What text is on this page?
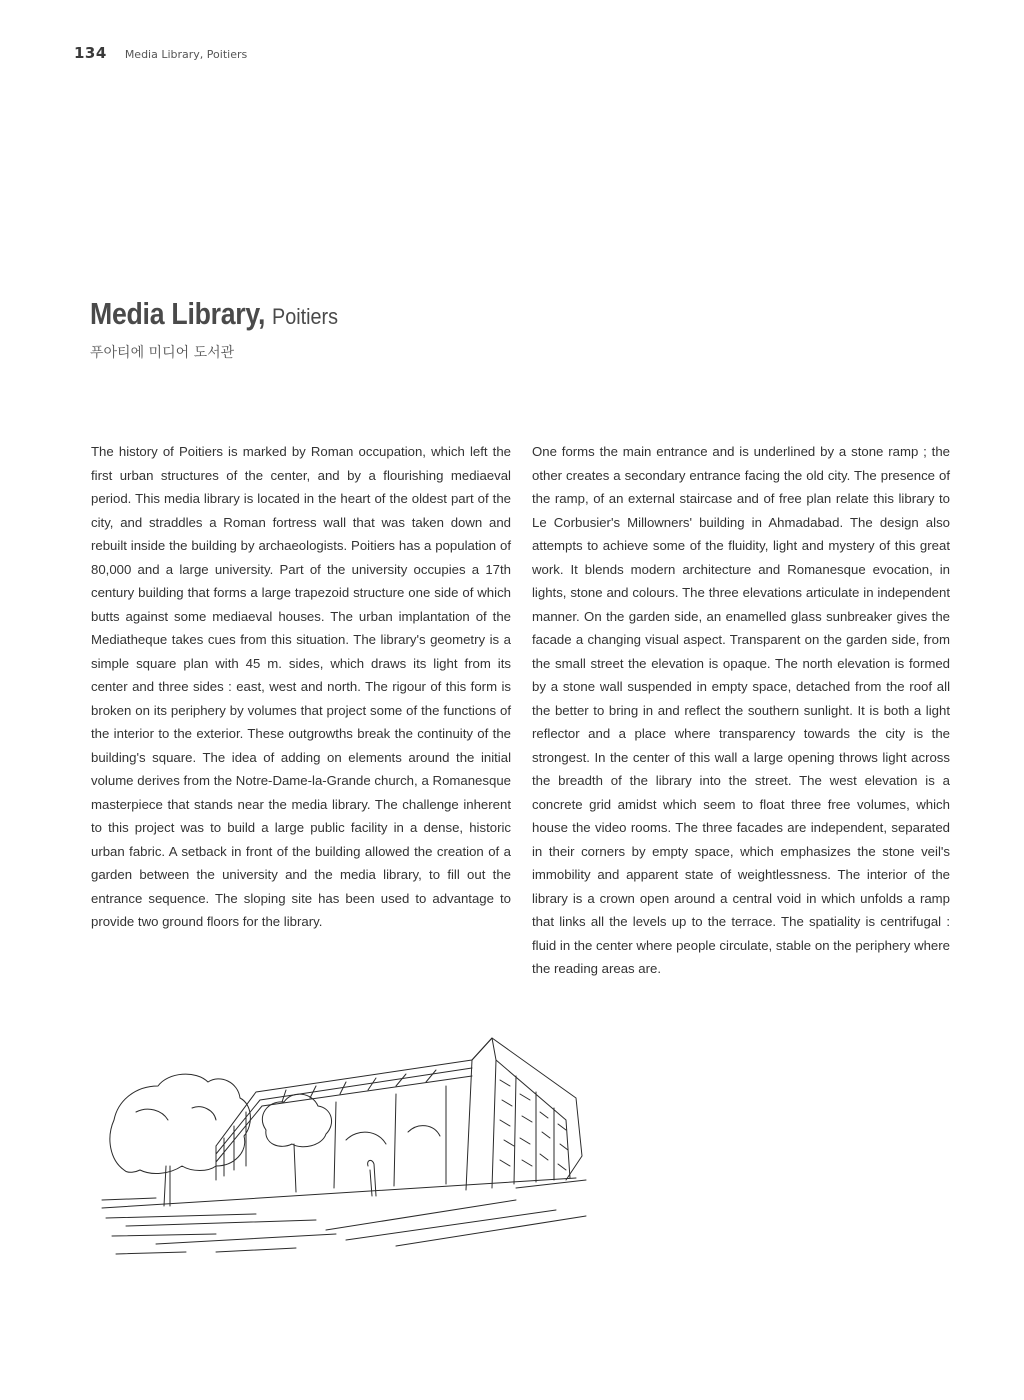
134 Media Library, Poitiers
Media Library, Poitiers
푸아티에 미디어 도서관

The history of Poitiers is marked by Roman occupation, which left the first urban structures of the center, and by a flourishing mediaeval period. This media library is located in the heart of the oldest part of the city, and straddles a Roman fortress wall that was taken down and rebuilt inside the building by archaeologists. Poitiers has a population of 80,000 and a large university. Part of the university occupies a 17th century building that forms a large trapezoid structure one side of which butts against some mediaeval houses. The urban implantation of the Mediatheque takes cues from this situation. The library's geometry is a simple square plan with 45 m. sides, which draws its light from its center and three sides : east, west and north. The rigour of this form is broken on its periphery by volumes that project some of the functions of the interior to the exterior. These outgrowths break the continuity of the building's square. The idea of adding on elements around the initial volume derives from the Notre-Dame-la-Grande church, a Romanesque masterpiece that stands near the media library. The challenge inherent to this project was to build a large public facility in a dense, historic urban fabric. A setback in front of the building allowed the creation of a garden between the university and the media library, to fill out the entrance sequence. The sloping site has been used to advantage to provide two ground floors for the library.

One forms the main entrance and is underlined by a stone ramp ; the other creates a secondary entrance facing the old city. The presence of the ramp, of an external staircase and of free plan relate this library to Le Corbusier's Millowners' building in Ahmadabad. The design also attempts to achieve some of the fluidity, light and mystery of this great work. It blends modern architecture and Romanesque evocation, in lights, stone and colours. The three elevations articulate in independent manner. On the garden side, an enamelled glass sunbreaker gives the facade a changing visual aspect. Transparent on the garden side, from the small street the elevation is opaque. The north elevation is formed by a stone wall suspended in empty space, detached from the roof all the better to bring in and reflect the southern sunlight. It is both a light reflector and a place where transparency towards the city is the strongest. In the center of this wall a large opening throws light across the breadth of the library into the street. The west elevation is a concrete grid amidst which seem to float three free volumes, which house the video rooms. The three facades are independent, separated in their corners by empty space, which emphasizes the stone veil's immobility and apparent state of weightlessness. The interior of the library is a crown open around a central void in which unfolds a ramp that links all the levels up to the terrace. The spatiality is centrifugal : fluid in the center where people circulate, stable on the periphery where the reading areas are.
